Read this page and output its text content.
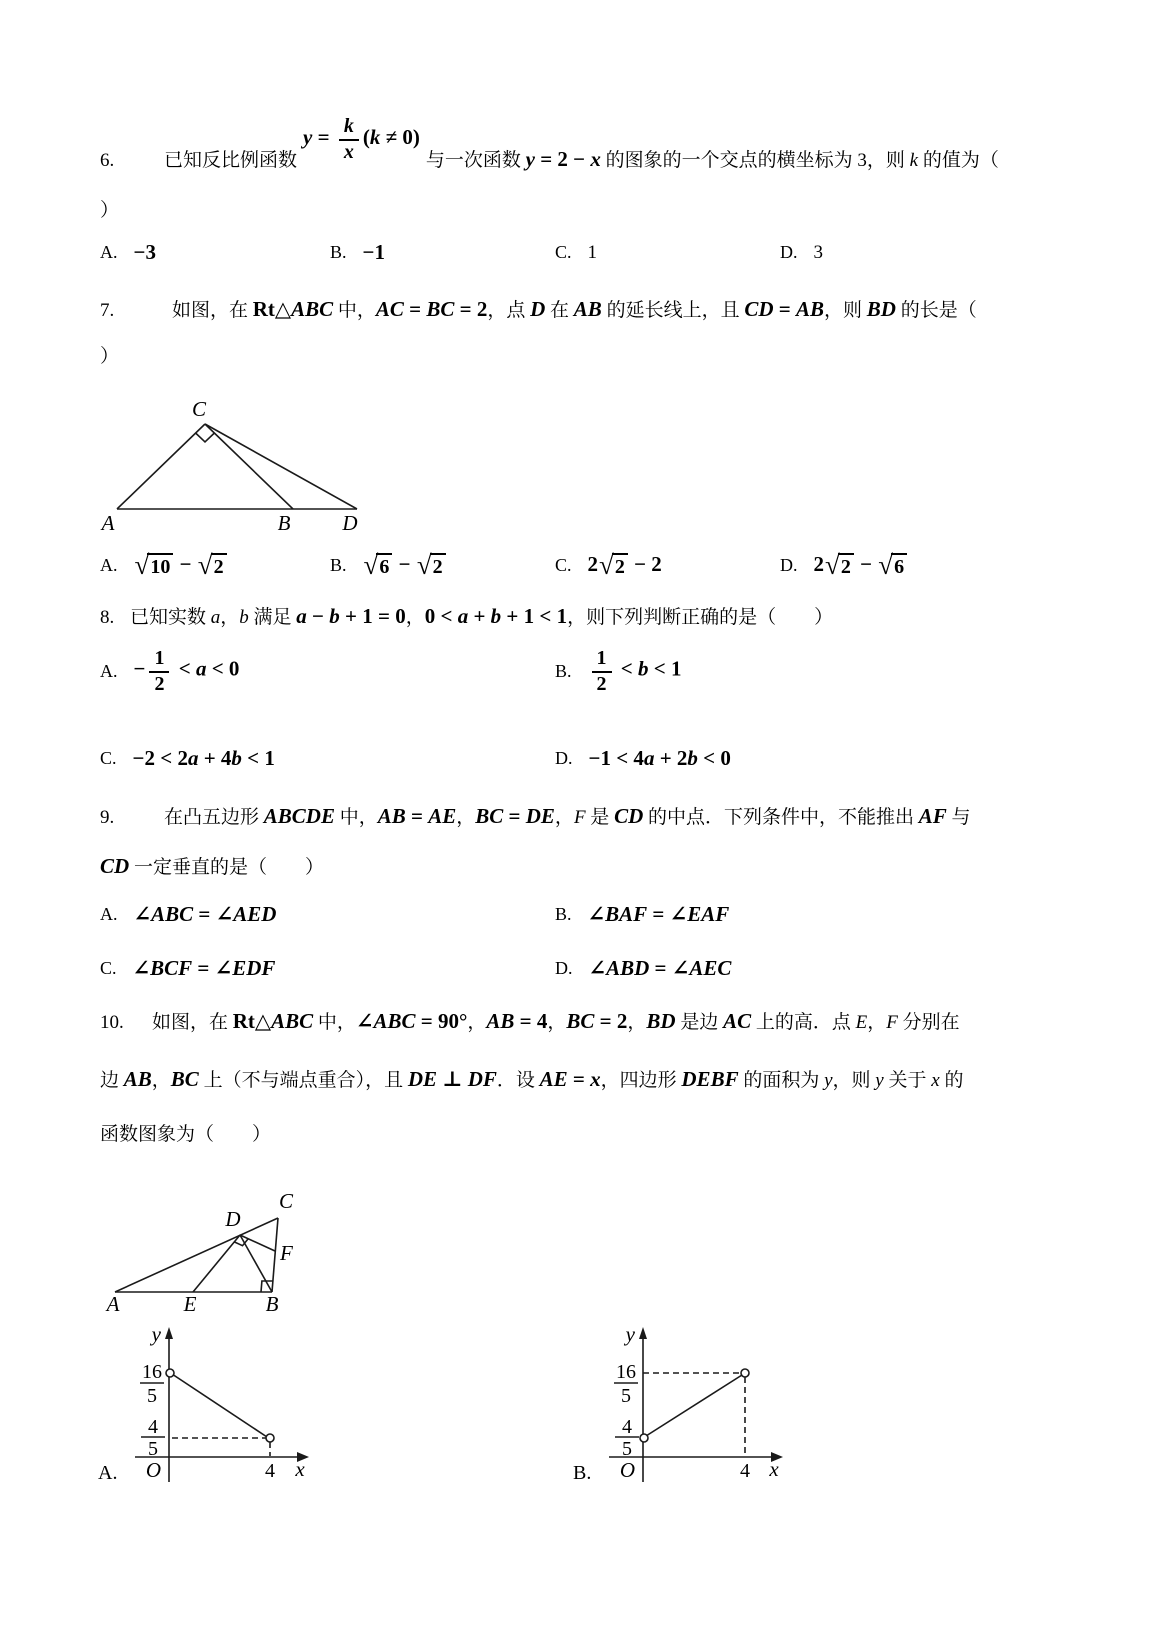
6.	已知反比例函数$y = \frac{k}{x} (k \ne 0)$与一次函数 y = 2 − x 的图象的一个交点的横坐标为 3，则 k 的值为（
）
A. −3	B. −1	C. 1	D. 3
7.	如图，在 Rt△ABC 中，AC = BC = 2，点 D 在 AB 的延长线上，且 CD = AB，则 BD 的长是（
）
C
A	B D
A. √ 10 − √ 2	B. √ 6 − √ 2	C. 2 √ 2 − 2	D. 2 √ 2 − √ 6
8. 已知实数 a，b 满足 a − b + 1 = 0，0 < a + b + 1 < 1，则下列判断正确的是（　　）
A. − $\frac{1}{2} < a < 0$	B. $\frac{1}{2} < b < 1$
C. −2 < 2a + 4b < 1	D. −1 < 4a + 2b < 0
9.	在凸五边形 ABCDE 中，AB = AE，BC = DE，F 是 CD 的中点．下列条件中，不能推出 AF 与
CD 一定垂直的是（　　）
A. ∠ABC = ∠AED	B. ∠BAF = ∠EAF
C. ∠BCF = ∠EDF	D. ∠ABD = ∠AEC
10. 如图，在 Rt△ABC 中，∠ABC = 90°，AB = 4，BC = 2，BD 是边 AC 上的高．点 E，F 分别在
边 AB，BC 上（不与端点重合），且 DE ⊥ DF．设 AE = x，四边形 DEBF 的面积为 y，则 y 关于 x 的
函数图象为（　　）
C
D
F
A	E	B
y
16
5
4
5
O	4 x
A.
y
16
5
4
5
O	4 x
B.
